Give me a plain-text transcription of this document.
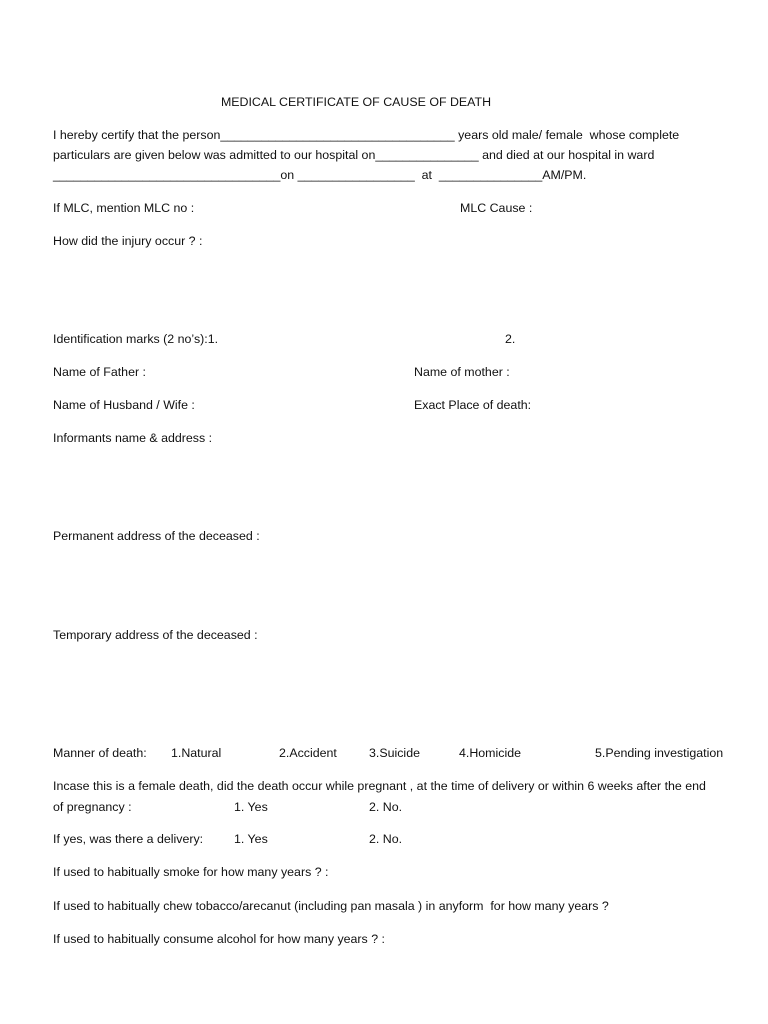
MEDICAL CERTIFICATE OF CAUSE OF DEATH
I hereby certify that the person__________________________________ years old male/ female  whose complete
particulars are given below was admitted to our hospital on_______________ and died at our hospital in ward
_________________________________on _________________  at  _______________AM/PM.
If MLC, mention MLC no :	MLC Cause :
How did the injury occur ? :
Identification marks (2 no’s):1.	2.
Name of Father :	Name of mother :
Name of Husband / Wife :	Exact Place of death:
Informants name & address :
Permanent address of the deceased :
Temporary address of the deceased :
Manner of death: 1.Natural	2.Accident	3.Suicide	4.Homicide	5.Pending investigation
Incase this is a female death, did the death occur while pregnant , at the time of delivery or within 6 weeks after the end
of pregnancy :	1. Yes	2. No.
If yes, was there a delivery: 1. Yes	2. No.
If used to habitually smoke for how many years ? :
If used to habitually chew tobacco/arecanut (including pan masala ) in anyform  for how many years ?
If used to habitually consume alcohol for how many years ? :
